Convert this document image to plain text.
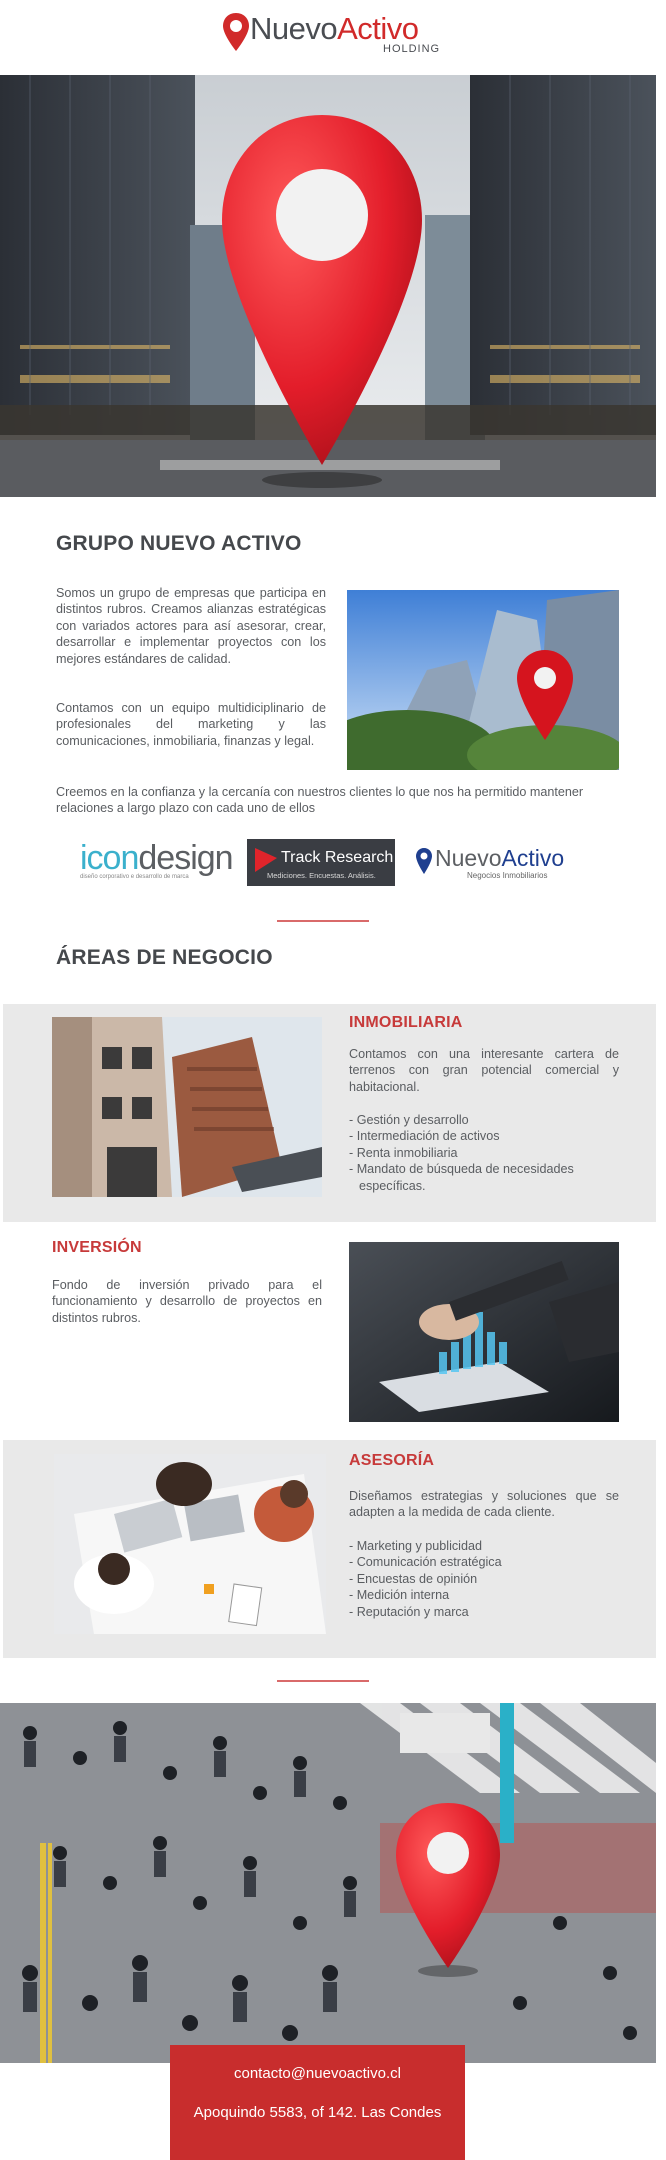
NuevoActivo
HOLDING
GRUPO NUEVO ACTIVO

Somos un grupo de empresas que participa en distintos rubros. Creamos alianzas estratégicas con variados actores para así asesorar, crear, desarrollar e implementar proyectos con los mejores estándares de calidad.

Contamos con un equipo multidiciplinario de profesionales del marketing y las comunicaciones, inmobiliaria, finanzas y legal.

Creemos en la confianza y la cercanía con nuestros clientes lo que nos ha permitido mantener relaciones a largo plazo con cada uno de ellos

icondesign
diseño corporativo e desarrollo de marca
Track Research
Mediciones. Encuestas. Análisis.
NuevoActivo
Negocios Inmobiliarios
ÁREAS DE NEGOCIO
INMOBILIARIA

Contamos con una interesante cartera de terrenos con gran potencial comercial y habitacional.

- Gestión y desarrollo
- Intermediación de activos
- Renta inmobiliaria
- Mandato de búsqueda de necesidades específicas.
INVERSIÓN

Fondo de inversión privado para el funcionamiento y desarrollo de proyectos en distintos rubros.

ASESORÍA

Diseñamos estrategias y soluciones que se adapten a la medida de cada cliente.

- Marketing y publicidad
- Comunicación estratégica
- Encuestas de opinión
- Medición interna
- Reputación y marca
contacto@nuevoactivo.cl
Apoquindo 5583, of 142. Las Condes
